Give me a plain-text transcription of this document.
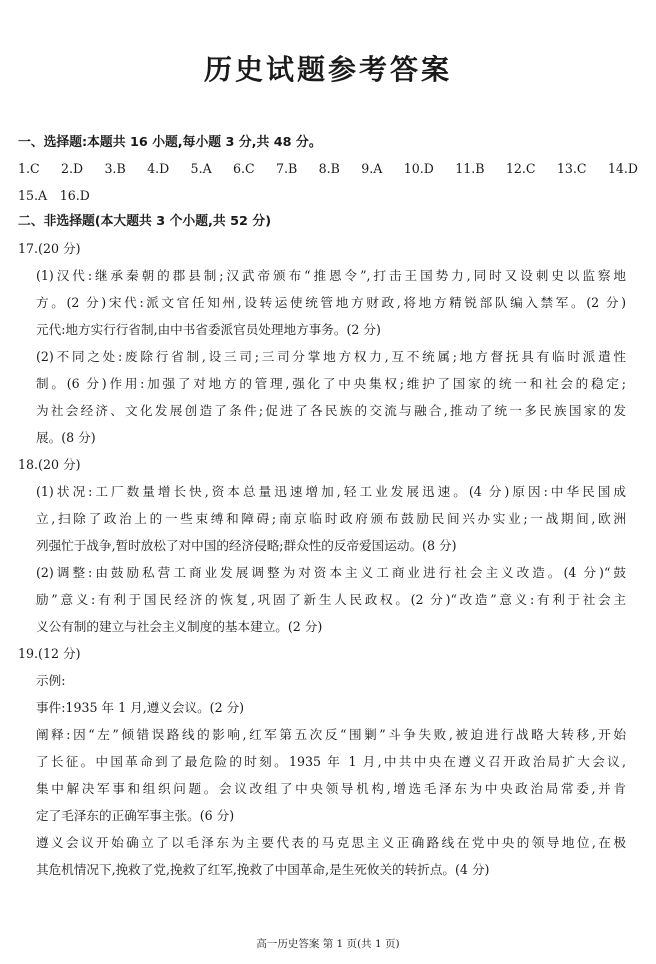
历史试题参考答案
一、选择题:本题共 16 小题,每小题 3 分,共 48 分。
1.C　2.D　3.B　4.D　5.A　6.C　7.B　8.B　9.A　10.D　11.B　12.C　13.C　14.D
15.A　16.D
二、非选择题(本大题共 3 个小题,共 52 分)
17.(20 分)
(1)汉代:继承秦朝的郡县制;汉武帝颁布“推恩令”,打击王国势力,同时又设刺史以监察地
方。(2 分)宋代:派文官任知州,设转运使统管地方财政,将地方精锐部队编入禁军。(2 分)
元代:地方实行行省制,由中书省委派官员处理地方事务。(2 分)
(2)不同之处:废除行省制,设三司;三司分掌地方权力,互不统属;地方督抚具有临时派遣性
制。(6 分)作用:加强了对地方的管理,强化了中央集权;维护了国家的统一和社会的稳定;
为社会经济、文化发展创造了条件;促进了各民族的交流与融合,推动了统一多民族国家的发
展。(8 分)
18.(20 分)
(1)状况:工厂数量增长快,资本总量迅速增加,轻工业发展迅速。(4 分)原因:中华民国成
立,扫除了政治上的一些束缚和障碍;南京临时政府颁布鼓励民间兴办实业;一战期间,欧洲
列强忙于战争,暂时放松了对中国的经济侵略;群众性的反帝爱国运动。(8 分)
(2)调整:由鼓励私营工商业发展调整为对资本主义工商业进行社会主义改造。(4 分)“鼓
励”意义:有利于国民经济的恢复,巩固了新生人民政权。(2 分)“改造”意义:有利于社会主
义公有制的建立与社会主义制度的基本建立。(2 分)
19.(12 分)
示例:
事件:1935 年 1 月,遵义会议。(2 分)
阐释:因“左”倾错误路线的影响,红军第五次反“围剿”斗争失败,被迫进行战略大转移,开始
了长征。中国革命到了最危险的时刻。1935 年 1 月,中共中央在遵义召开政治局扩大会议,
集中解决军事和组织问题。会议改组了中央领导机构,增选毛泽东为中央政治局常委,并肯
定了毛泽东的正确军事主张。(6 分)
遵义会议开始确立了以毛泽东为主要代表的马克思主义正确路线在党中央的领导地位,在极
其危机情况下,挽救了党,挽救了红军,挽救了中国革命,是生死攸关的转折点。(4 分)
高一历史答案 第 1 页(共 1 页)
